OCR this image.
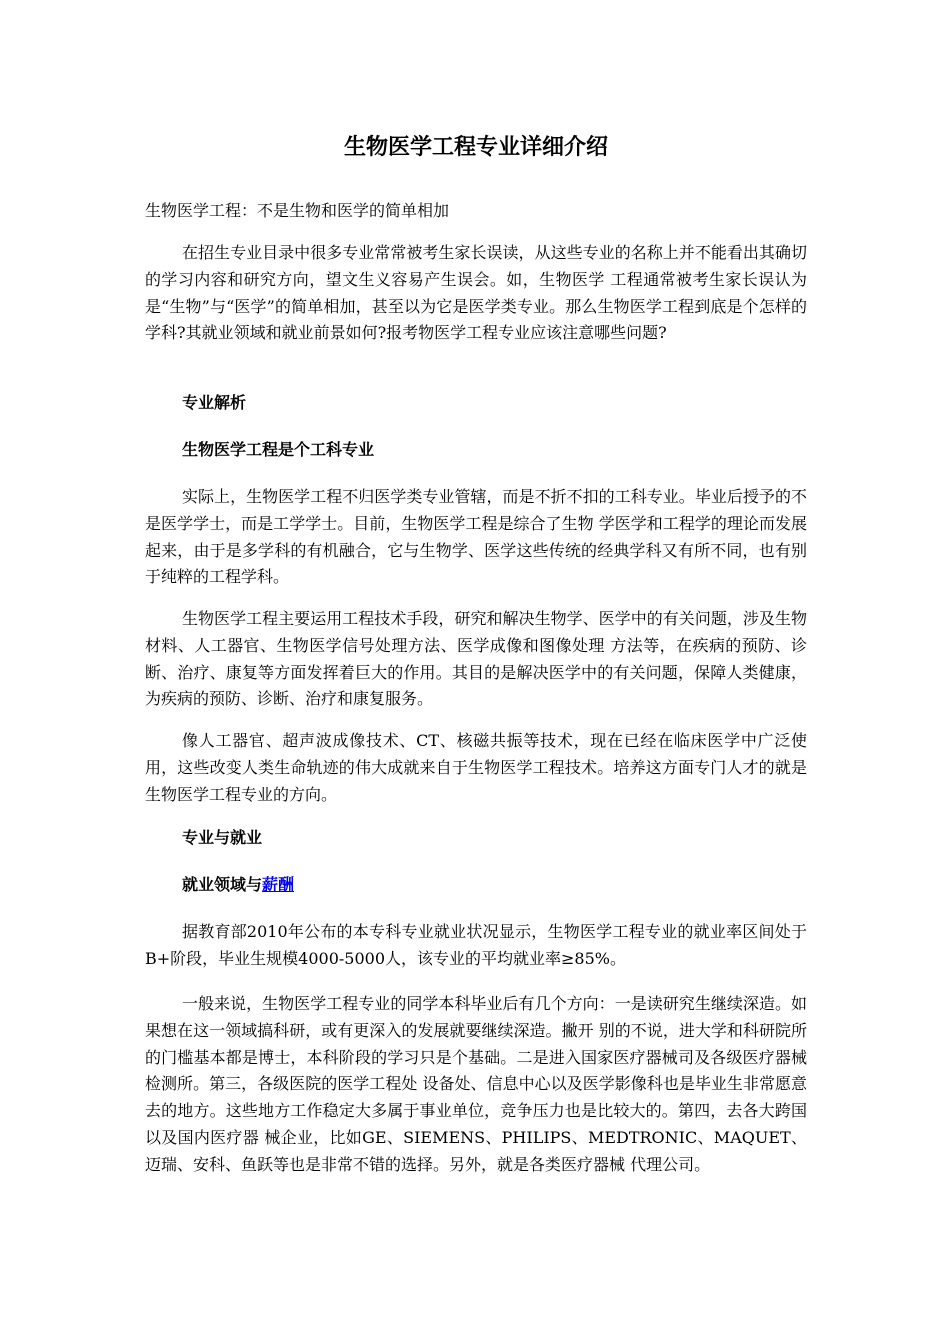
生物医学工程专业详细介绍

生物医学工程：不是生物和医学的简单相加

在招生专业目录中很多专业常常被考生家长误读，从这些专业的名称上并不能看出其确切的学习内容和研究方向，望文生义容易产生误会。如，生物医学 工程通常被考生家长误认为是“生物”与“医学”的简单相加，甚至以为它是医学类专业。那么生物医学工程到底是个怎样的学科?其就业领域和就业前景如何?报考物医学工程专业应该注意哪些问题?

专业解析

生物医学工程是个工科专业

实际上，生物医学工程不归医学类专业管辖，而是不折不扣的工科专业。毕业后授予的不是医学学士，而是工学学士。目前，生物医学工程是综合了生物 学医学和工程学的理论而发展起来，由于是多学科的有机融合，它与生物学、医学这些传统的经典学科又有所不同，也有别于纯粹的工程学科。

生物医学工程主要运用工程技术手段，研究和解决生物学、医学中的有关问题，涉及生物材料、人工器官、生物医学信号处理方法、医学成像和图像处理 方法等，在疾病的预防、诊断、治疗、康复等方面发挥着巨大的作用。其目的是解决医学中的有关问题，保障人类健康，为疾病的预防、诊断、治疗和康复服务。

像人工器官、超声波成像技术、CT、核磁共振等技术，现在已经在临床医学中广泛使用，这些改变人类生命轨迹的伟大成就来自于生物医学工程技术。培养这方面专门人才的就是生物医学工程专业的方向。

专业与就业

就业领域与薪酬

据教育部2010年公布的本专科专业就业状况显示，生物医学工程专业的就业率区间处于B+阶段，毕业生规模4000-5000人，该专业的平均就业率≥85%。

一般来说，生物医学工程专业的同学本科毕业后有几个方向：一是读研究生继续深造。如果想在这一领域搞科研，或有更深入的发展就要继续深造。撇开 别的不说，进大学和科研院所的门槛基本都是博士，本科阶段的学习只是个基础。二是进入国家医疗器械司及各级医疗器械检测所。第三，各级医院的医学工程处 设备处、信息中心以及医学影像科也是毕业生非常愿意去的地方。这些地方工作稳定大多属于事业单位，竞争压力也是比较大的。第四，去各大跨国以及国内医疗器 械企业，比如GE、SIEMENS、PHILIPS、MEDTRONIC、MAQUET、迈瑞、安科、鱼跃等也是非常不错的选择。另外，就是各类医疗器械 代理公司。
